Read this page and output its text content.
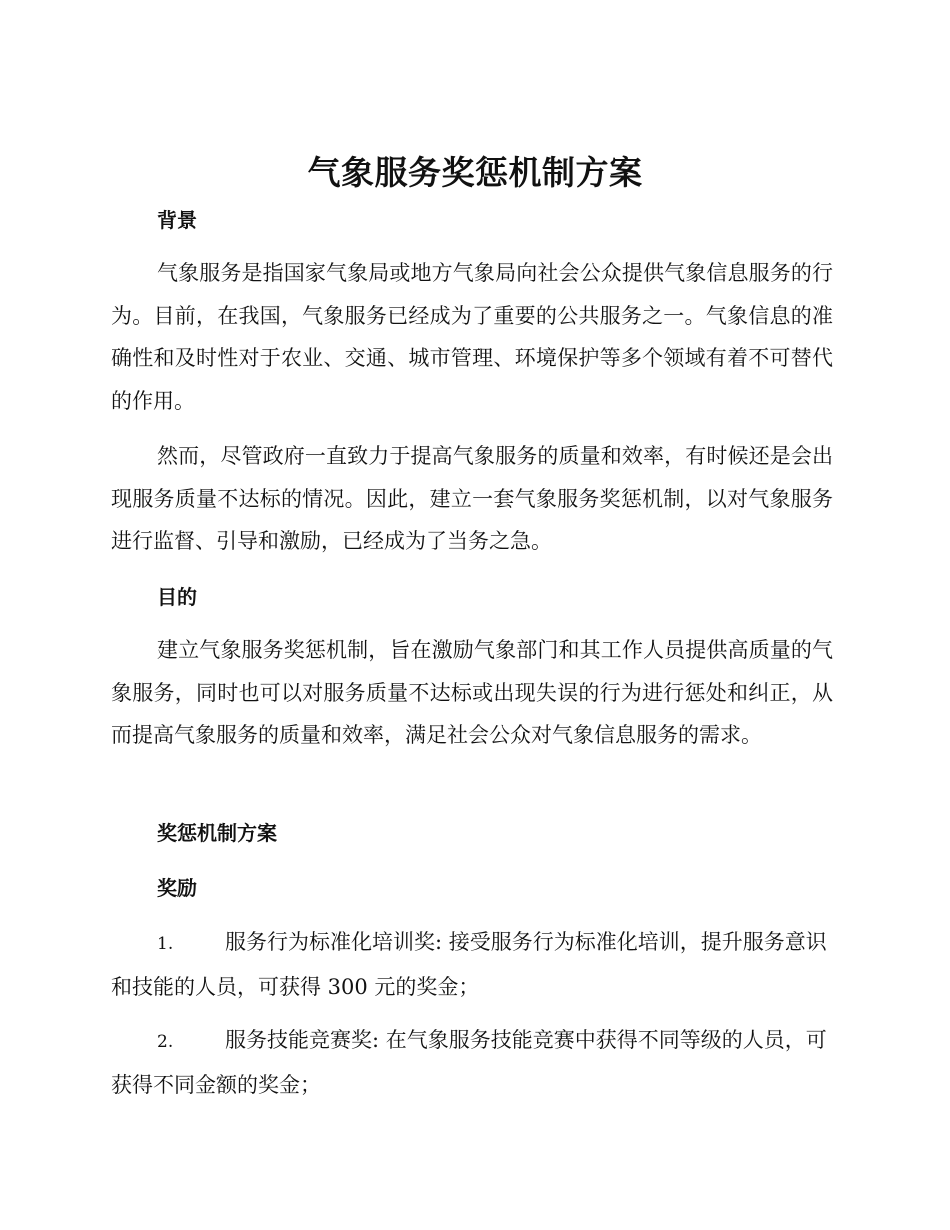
气象服务奖惩机制方案
背景

气象服务是指国家气象局或地方气象局向社会公众提供气象信息服务的行为。目前，在我国，气象服务已经成为了重要的公共服务之一。气象信息的准确性和及时性对于农业、交通、城市管理、环境保护等多个领域有着不可替代的作用。

然而，尽管政府一直致力于提高气象服务的质量和效率，有时候还是会出现服务质量不达标的情况。因此，建立一套气象服务奖惩机制，以对气象服务进行监督、引导和激励，已经成为了当务之急。

目的

建立气象服务奖惩机制，旨在激励气象部门和其工作人员提供高质量的气象服务，同时也可以对服务质量不达标或出现失误的行为进行惩处和纠正，从而提高气象服务的质量和效率，满足社会公众对气象信息服务的需求。

奖惩机制方案
奖励

1. 服务行为标准化培训奖: 接受服务行为标准化培训，提升服务意识和技能的人员，可获得 300 元的奖金；

2. 服务技能竞赛奖: 在气象服务技能竞赛中获得不同等级的人员，可获得不同金额的奖金；
